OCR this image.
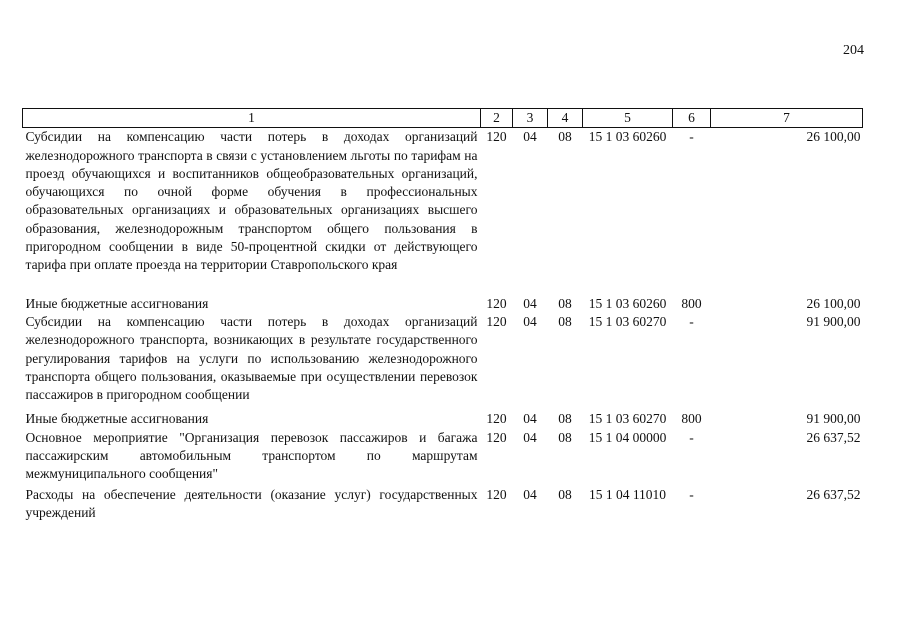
204
1	2	3	4	5	6	7
Субсидии на компенсацию части потерь в доходах организаций железнодорожного транспорта в связи с установлением льготы по тарифам на проезд обучающихся и воспитанников общеобразовательных организаций, обучающихся по очной форме обучения в профессиональных образовательных организациях и образовательных организациях высшего образования, железнодорожным транспортом общего пользования в пригородном сообщении в виде 50-процентной скидки от действующего тарифа при оплате проезда на территории Ставропольского края	120	04	08	15 1 03 60260	-	26 100,00
Иные бюджетные ассигнования	120	04	08	15 1 03 60260	800	26 100,00
Субсидии на компенсацию части потерь в доходах организаций железнодорожного транспорта, возникающих в результате государственного регулирования тарифов на услуги по использованию железнодорожного транспорта общего пользования, оказываемые при осуществлении перевозок пассажиров в пригородном сообщении	120	04	08	15 1 03 60270	-	91 900,00
Иные бюджетные ассигнования	120	04	08	15 1 03 60270	800	91 900,00
Основное мероприятие "Организация перевозок пассажиров и багажа пассажирским автомобильным транспортом по маршрутам межмуниципального сообщения"	120	04	08	15 1 04 00000	-	26 637,52
Расходы на обеспечение деятельности (оказание услуг) государственных учреждений	120	04	08	15 1 04 11010	-	26 637,52
